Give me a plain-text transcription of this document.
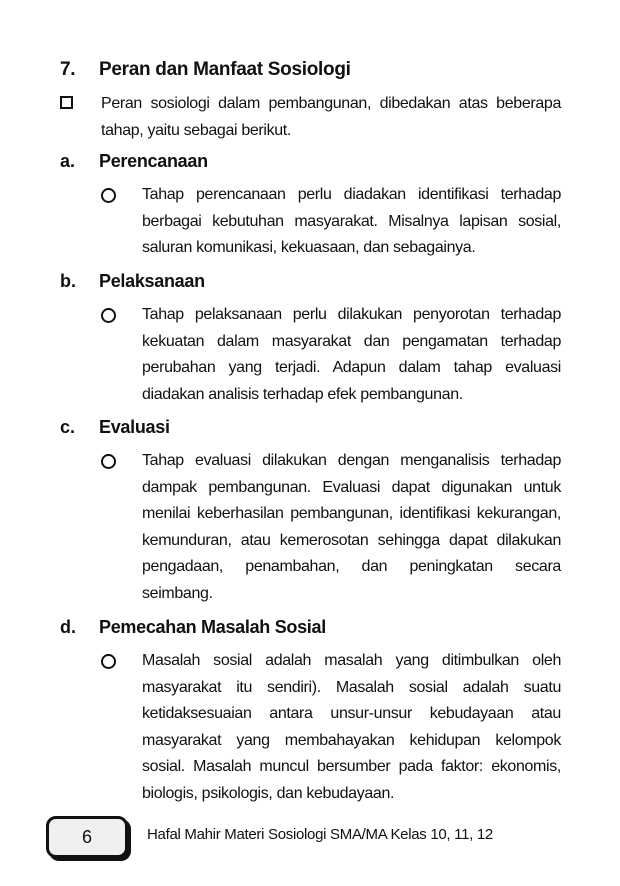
7. Peran dan Manfaat Sosiologi
Peran sosiologi dalam pembangunan, dibedakan atas beberapa tahap, yaitu sebagai berikut.
a. Perencanaan
Tahap perencanaan perlu diadakan identifikasi terhadap berbagai kebutuhan masyarakat. Misalnya lapisan sosial, saluran komunikasi, kekuasaan, dan sebagainya.
b. Pelaksanaan
Tahap pelaksanaan perlu dilakukan penyorotan terhadap kekuatan dalam masyarakat dan pengamatan terhadap perubahan yang terjadi. Adapun dalam tahap evaluasi diadakan analisis terhadap efek pembangunan.
c. Evaluasi
Tahap evaluasi dilakukan dengan menganalisis terhadap dampak pembangunan. Evaluasi dapat digunakan untuk menilai keberhasilan pembangunan, identifikasi kekurangan, kemunduran, atau kemerosotan sehingga dapat dilakukan pengadaan, penambahan, dan peningkatan secara seimbang.
d. Pemecahan Masalah Sosial
Masalah sosial adalah masalah yang ditimbulkan oleh masyarakat itu sendiri). Masalah sosial adalah suatu ketidaksesuaian antara unsur-unsur kebudayaan atau masyarakat yang membahayakan kehidupan kelompok sosial. Masalah muncul bersumber pada faktor: ekonomis, biologis, psikologis, dan kebudayaan.
6	Hafal Mahir Materi Sosiologi SMA/MA Kelas 10, 11, 12
